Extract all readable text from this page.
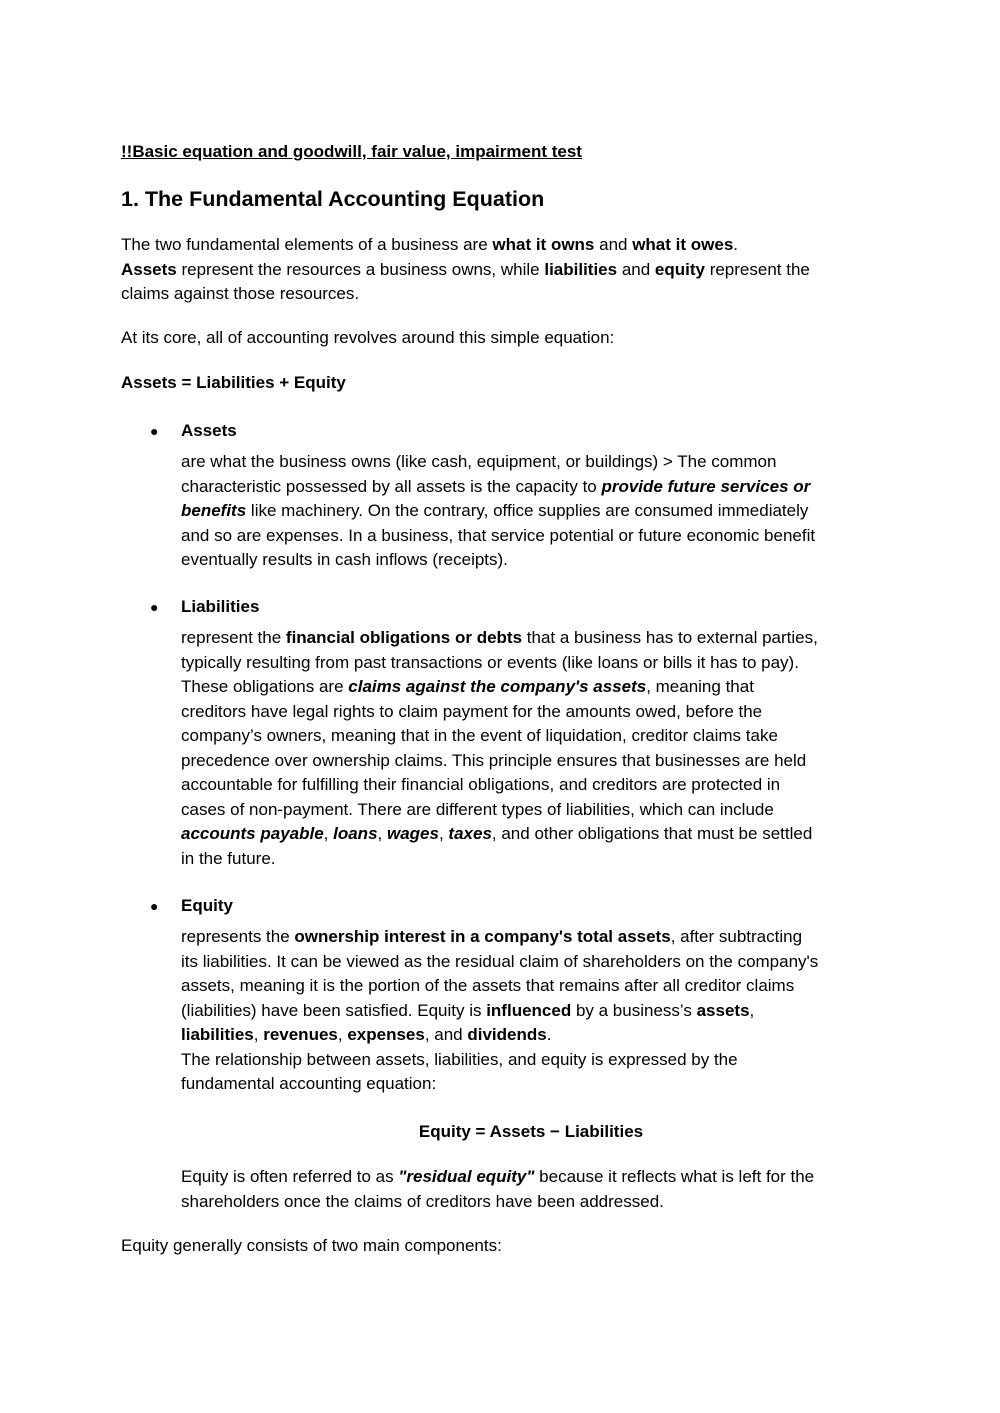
!!Basic equation and goodwill, fair value, impairment test
1. The Fundamental Accounting Equation
The two fundamental elements of a business are what it owns and what it owes.
Assets represent the resources a business owns, while liabilities and equity represent the
claims against those resources.
At its core, all of accounting revolves around this simple equation:
Assets = Liabilities + Equity
● Assets
are what the business owns (like cash, equipment, or buildings) > The common
characteristic possessed by all assets is the capacity to provide future services or
benefits like machinery. On the contrary, office supplies are consumed immediately
and so are expenses. In a business, that service potential or future economic benefit
eventually results in cash inflows (receipts).
● Liabilities
represent the financial obligations or debts that a business has to external parties,
typically resulting from past transactions or events (like loans or bills it has to pay).
These obligations are claims against the company's assets, meaning that
creditors have legal rights to claim payment for the amounts owed, before the
company’s owners, meaning that in the event of liquidation, creditor claims take
precedence over ownership claims. This principle ensures that businesses are held
accountable for fulfilling their financial obligations, and creditors are protected in
cases of non-payment. There are different types of liabilities, which can include
accounts payable, loans, wages, taxes, and other obligations that must be settled
in the future.
● Equity
represents the ownership interest in a company's total assets, after subtracting
its liabilities. It can be viewed as the residual claim of shareholders on the company's
assets, meaning it is the portion of the assets that remains after all creditor claims
(liabilities) have been satisfied. Equity is influenced by a business’s assets,
liabilities, revenues, expenses, and dividends.
The relationship between assets, liabilities, and equity is expressed by the
fundamental accounting equation:
Equity = Assets − Liabilities
Equity is often referred to as "residual equity" because it reflects what is left for the
shareholders once the claims of creditors have been addressed.
Equity generally consists of two main components:
